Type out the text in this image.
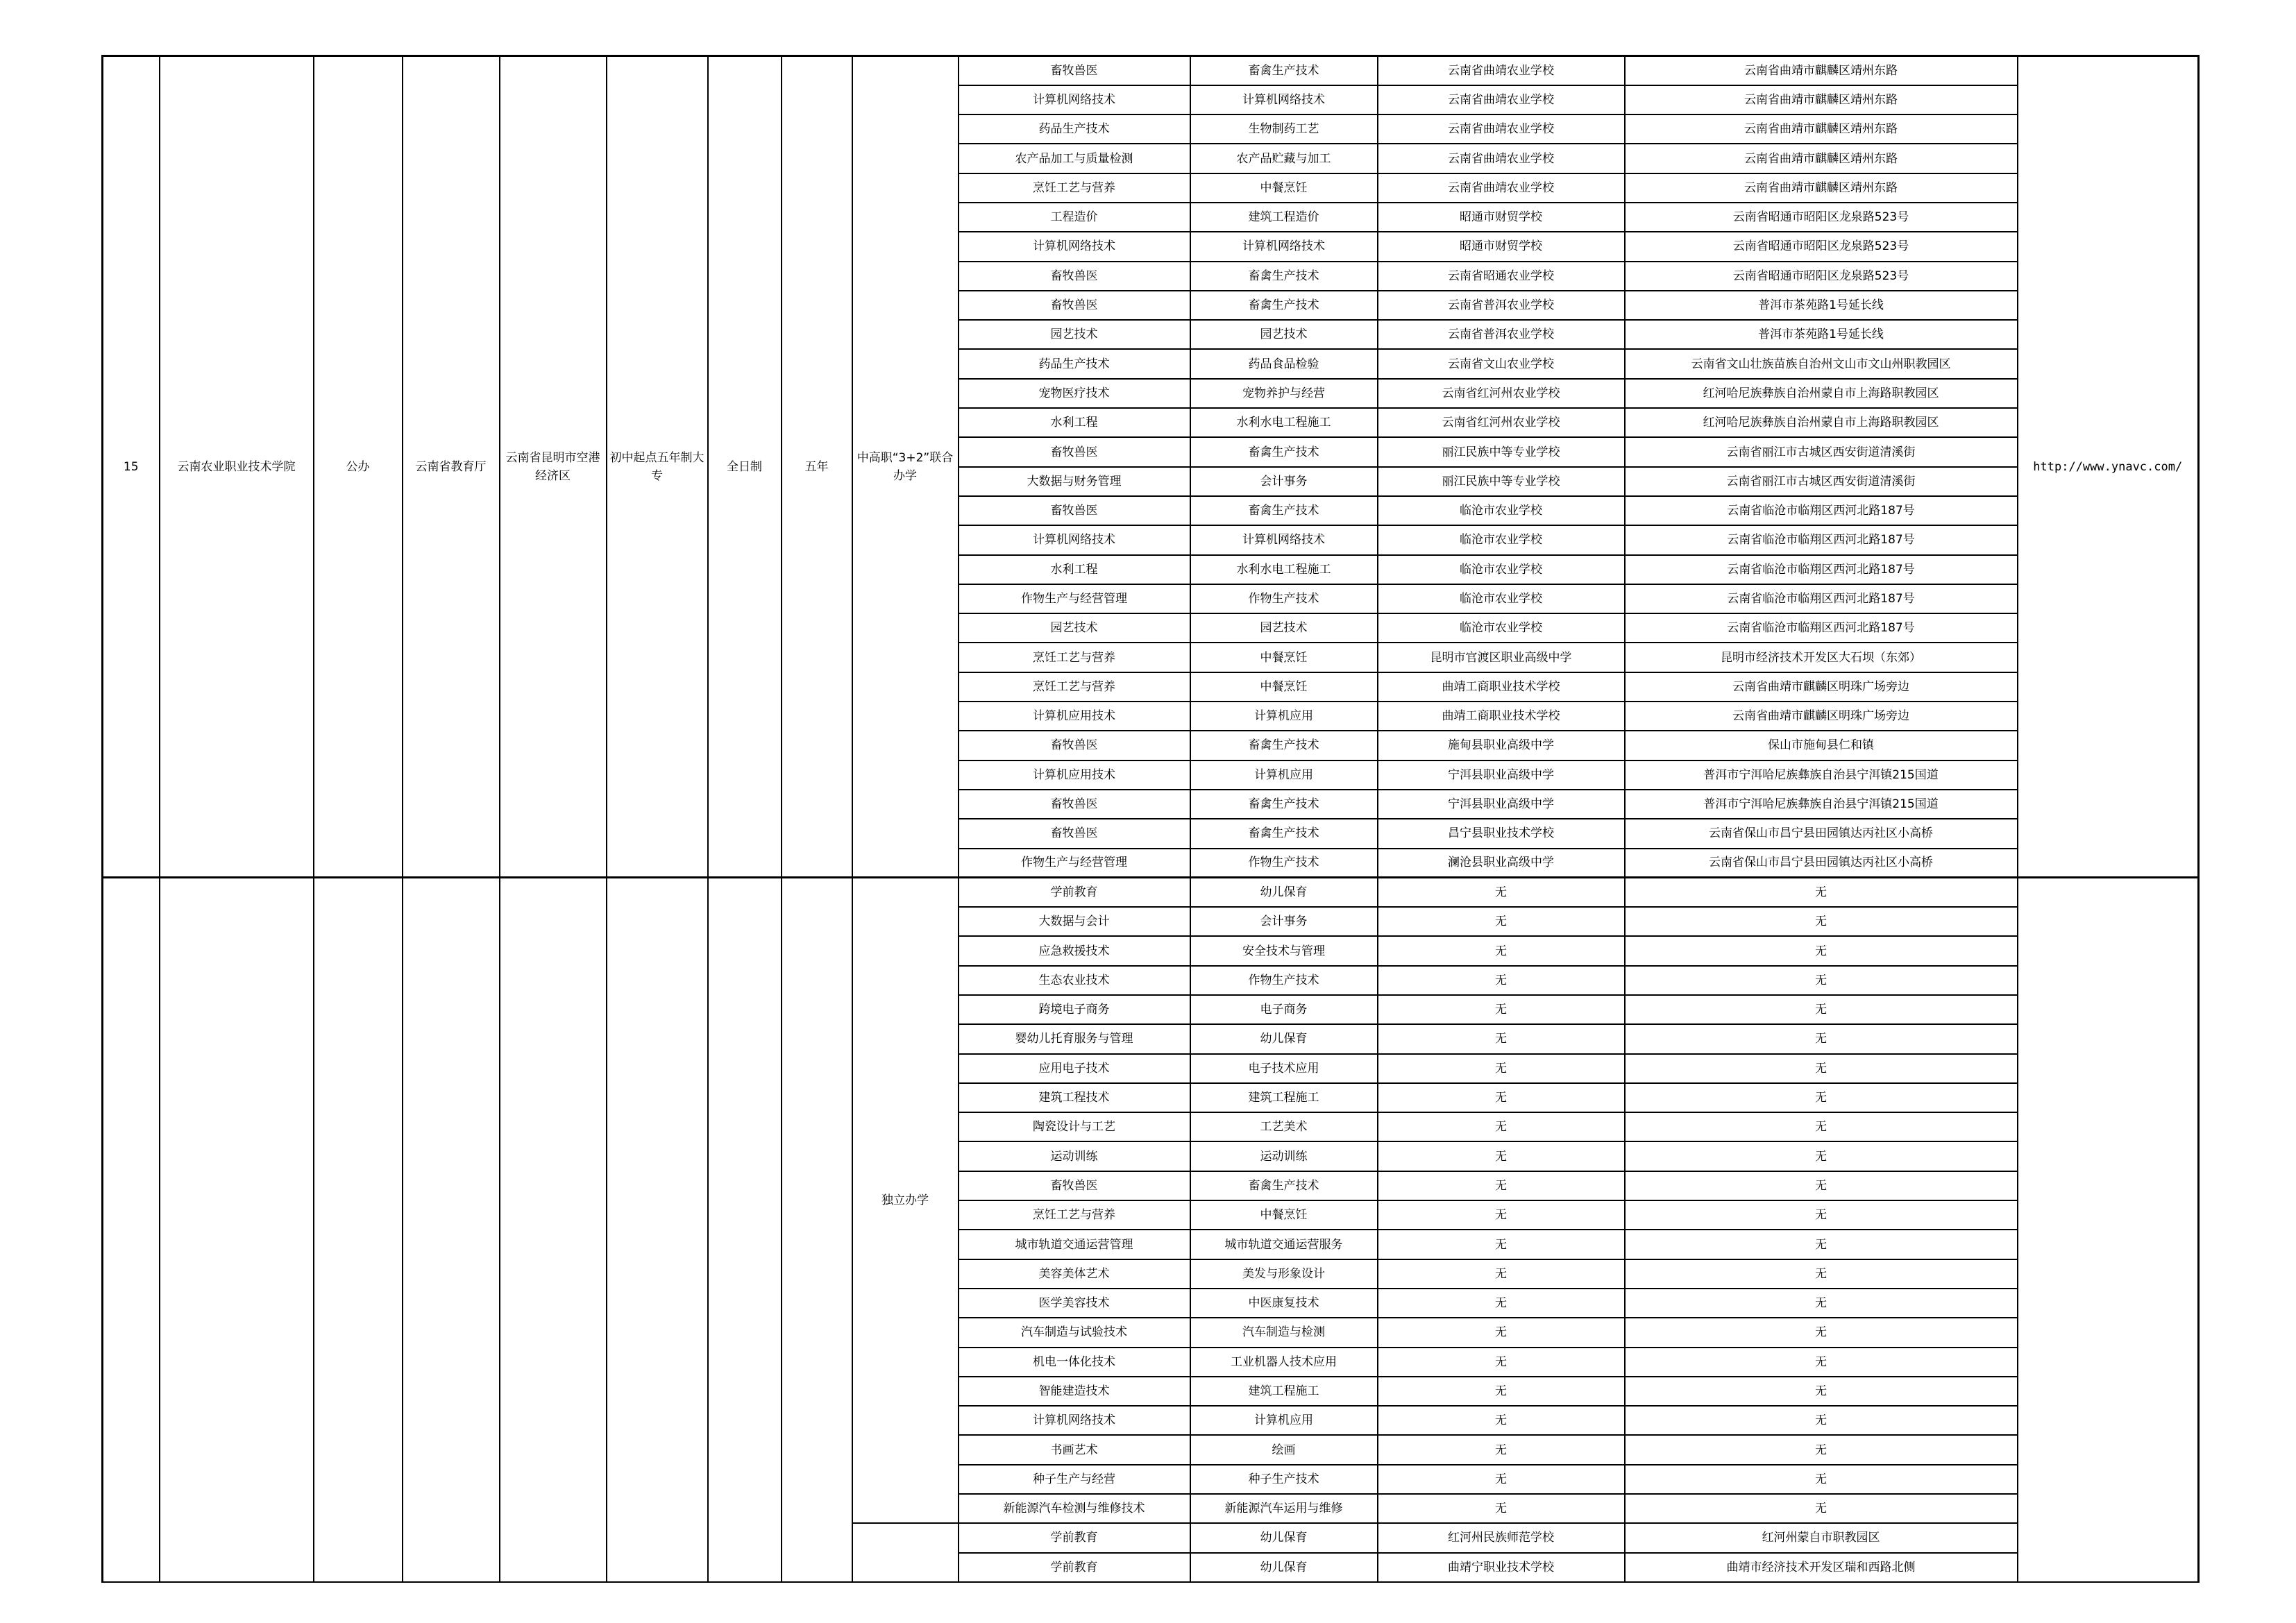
15	云南农业职业技术学院	公办	云南省教育厅	云南省昆明市空港经济区	初中起点五年制大专	全日制	五年	中高职“3+2”联合办学	畜牧兽医	畜禽生产技术	云南省曲靖农业学校	云南省曲靖市麒麟区靖州东路	http://www.ynavc.com/
									计算机网络技术	计算机网络技术	云南省曲靖农业学校	云南省曲靖市麒麟区靖州东路	
									药品生产技术	生物制药工艺	云南省曲靖农业学校	云南省曲靖市麒麟区靖州东路	
									农产品加工与质量检测	农产品贮藏与加工	云南省曲靖农业学校	云南省曲靖市麒麟区靖州东路	
									烹饪工艺与营养	中餐烹饪	云南省曲靖农业学校	云南省曲靖市麒麟区靖州东路	
									工程造价	建筑工程造价	昭通市财贸学校	云南省昭通市昭阳区龙泉路523号	
									计算机网络技术	计算机网络技术	昭通市财贸学校	云南省昭通市昭阳区龙泉路523号	
									畜牧兽医	畜禽生产技术	云南省昭通农业学校	云南省昭通市昭阳区龙泉路523号	
									畜牧兽医	畜禽生产技术	云南省普洱农业学校	普洱市茶苑路1号延长线	
									园艺技术	园艺技术	云南省普洱农业学校	普洱市茶苑路1号延长线	
									药品生产技术	药品食品检验	云南省文山农业学校	云南省文山壮族苗族自治州文山市文山州职教园区	
									宠物医疗技术	宠物养护与经营	云南省红河州农业学校	红河哈尼族彝族自治州蒙自市上海路职教园区	
									水利工程	水利水电工程施工	云南省红河州农业学校	红河哈尼族彝族自治州蒙自市上海路职教园区	
									畜牧兽医	畜禽生产技术	丽江民族中等专业学校	云南省丽江市古城区西安街道清溪街	
									大数据与财务管理	会计事务	丽江民族中等专业学校	云南省丽江市古城区西安街道清溪街	
									畜牧兽医	畜禽生产技术	临沧市农业学校	云南省临沧市临翔区西河北路187号	
									计算机网络技术	计算机网络技术	临沧市农业学校	云南省临沧市临翔区西河北路187号	
									水利工程	水利水电工程施工	临沧市农业学校	云南省临沧市临翔区西河北路187号	
									作物生产与经营管理	作物生产技术	临沧市农业学校	云南省临沧市临翔区西河北路187号	
									园艺技术	园艺技术	临沧市农业学校	云南省临沧市临翔区西河北路187号	
									烹饪工艺与营养	中餐烹饪	昆明市官渡区职业高级中学	昆明市经济技术开发区大石坝（东郊）	
									烹饪工艺与营养	中餐烹饪	曲靖工商职业技术学校	云南省曲靖市麒麟区明珠广场旁边	
									计算机应用技术	计算机应用	曲靖工商职业技术学校	云南省曲靖市麒麟区明珠广场旁边	
									畜牧兽医	畜禽生产技术	施甸县职业高级中学	保山市施甸县仁和镇	
									计算机应用技术	计算机应用	宁洱县职业高级中学	普洱市宁洱哈尼族彝族自治县宁洱镇215国道	
									畜牧兽医	畜禽生产技术	宁洱县职业高级中学	普洱市宁洱哈尼族彝族自治县宁洱镇215国道	
									畜牧兽医	畜禽生产技术	昌宁县职业技术学校	云南省保山市昌宁县田园镇达丙社区小高桥	
									作物生产与经营管理	作物生产技术	澜沧县职业高级中学	云南省保山市昌宁县田园镇达丙社区小高桥	
								独立办学	学前教育	幼儿保育	无	无	
									大数据与会计	会计事务	无	无	
									应急救援技术	安全技术与管理	无	无	
									生态农业技术	作物生产技术	无	无	
									跨境电子商务	电子商务	无	无	
									婴幼儿托育服务与管理	幼儿保育	无	无	
									应用电子技术	电子技术应用	无	无	
									建筑工程技术	建筑工程施工	无	无	
									陶瓷设计与工艺	工艺美术	无	无	
									运动训练	运动训练	无	无	
									畜牧兽医	畜禽生产技术	无	无	
									烹饪工艺与营养	中餐烹饪	无	无	
									城市轨道交通运营管理	城市轨道交通运营服务	无	无	
									美容美体艺术	美发与形象设计	无	无	
									医学美容技术	中医康复技术	无	无	
									汽车制造与试验技术	汽车制造与检测	无	无	
									机电一体化技术	工业机器人技术应用	无	无	
									智能建造技术	建筑工程施工	无	无	
									计算机网络技术	计算机应用	无	无	
									书画艺术	绘画	无	无	
									种子生产与经营	种子生产技术	无	无	
									新能源汽车检测与维修技术	新能源汽车运用与维修	无	无	
									学前教育	幼儿保育	红河州民族师范学校	红河州蒙自市职教园区	
									学前教育	幼儿保育	曲靖宁职业技术学校	曲靖市经济技术开发区瑞和西路北侧	
